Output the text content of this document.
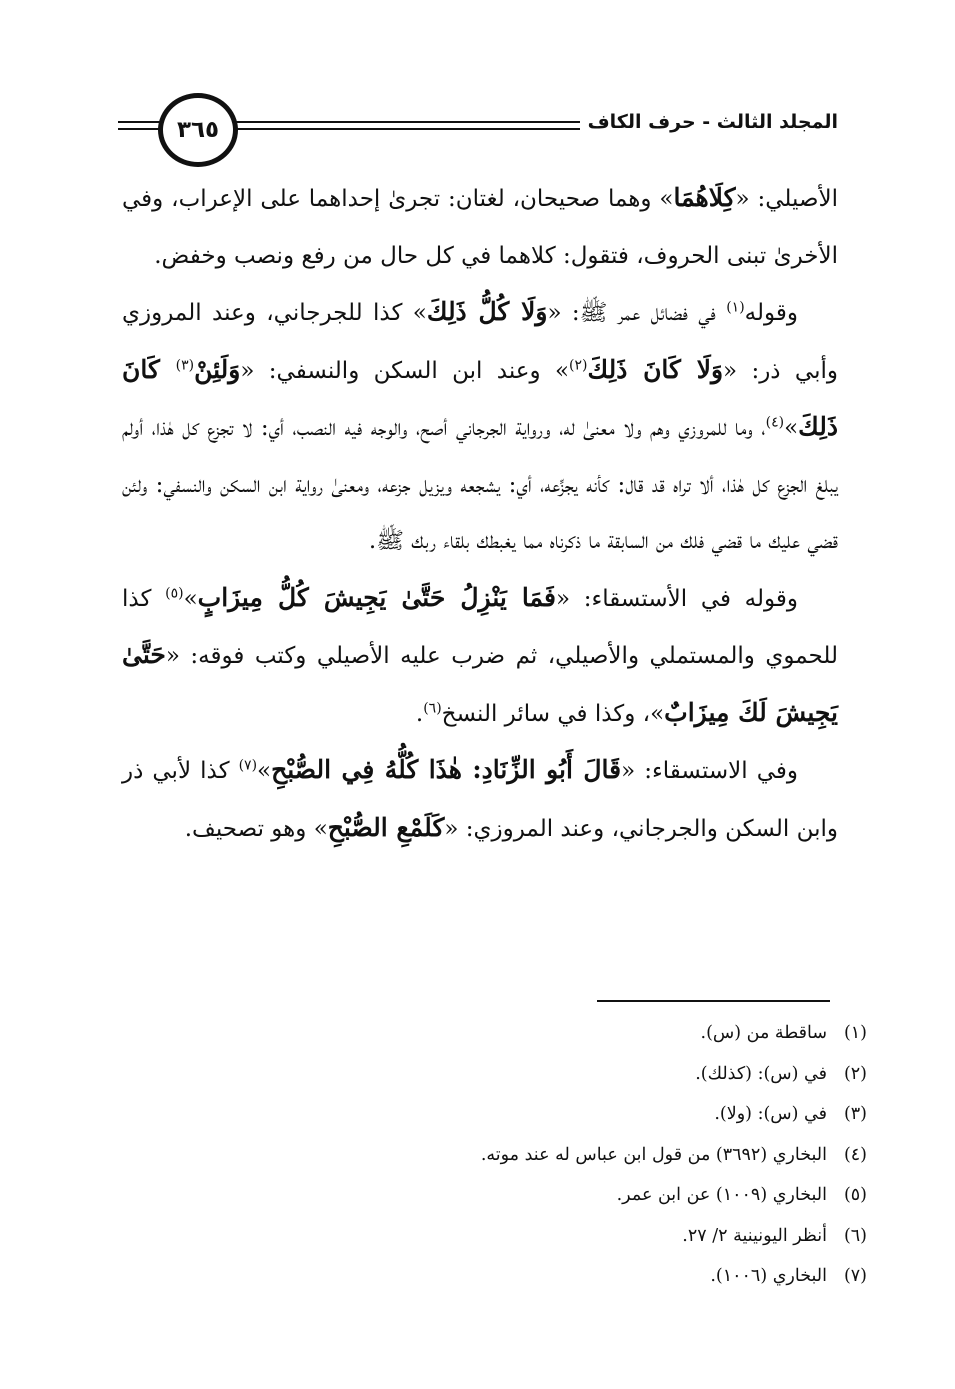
٣٦٥	المجلد الثالث - حرف الكاف

الأصيلي: «كِلَاهُمَا» وهما صحيحان، لغتان: تجرىٰ إحداهما على الإعراب، وفي الأخرىٰ تبنى الحروف، فتقول: كلاهما في كل حال من رفع ونصب وخفض.

وقوله$^{(١)}$ في فضائل عمر ﷺ: «وَلَا كُلُّ ذَلِكَ» كذا للجرجاني، وعند المروزي وأبي ذر: «وَلَا كَانَ ذَلِكَ$^{(٢)}$» وعند ابن السكن والنسفي: «وَلَئِنْ$^{(٣)}$ كَانَ ذَلِكَ»$^{(٤)}$، وما للمروزي وهم ولا معنىٰ له، ورواية الجرجاني أصح، والوجه فيه النصب، أي: لا تجزع كل هٰذا، أولم يبلغ الجزع كل هٰذا، ألا تراه قد قال: كأنه يجزِّعه، أي: يشجعه ويزيل جزعه، ومعنىٰ رواية ابن السكن والنسفي: ولئن قضي عليك ما قضي فلك من السابقة ما ذكرناه مما يغبطك بلقاء ربك ﷺ.

وقوله في الأستسقاء: «فَمَا يَنْزِلُ حَتَّىٰ يَجِيشَ كُلُّ مِيزَابٍ»$^{(٥)}$ كذا للحموي والمستملي والأصيلي، ثم ضرب عليه الأصيلي وكتب فوقه: «حَتَّىٰ يَجِيشَ لَكَ مِيزَابٌ»، وكذا في سائر النسخ$^{(٦)}$.

وفي الاستسقاء: «قَالَ أَبُو الزِّنَادِ: هٰذَا كُلُّهُ فِي الصُّبْحِ»$^{(٧)}$ كذا لأبي ذر وابن السكن والجرجاني، وعند المروزي: «كَلَمْعِ الصُّبْحِ» وهو تصحيف.

(١)
ساقطة من (س).
(٢)
في (س): (كذلك).
(٣)
في (س): (ولا).
(٤)
البخاري (٣٦٩٢) من قول ابن عباس له عند موته.
(٥)
البخاري (١٠٠٩) عن ابن عمر.
(٦)
أنظر اليونينية ٢/ ٢٧.
(٧)
البخاري (١٠٠٦).
